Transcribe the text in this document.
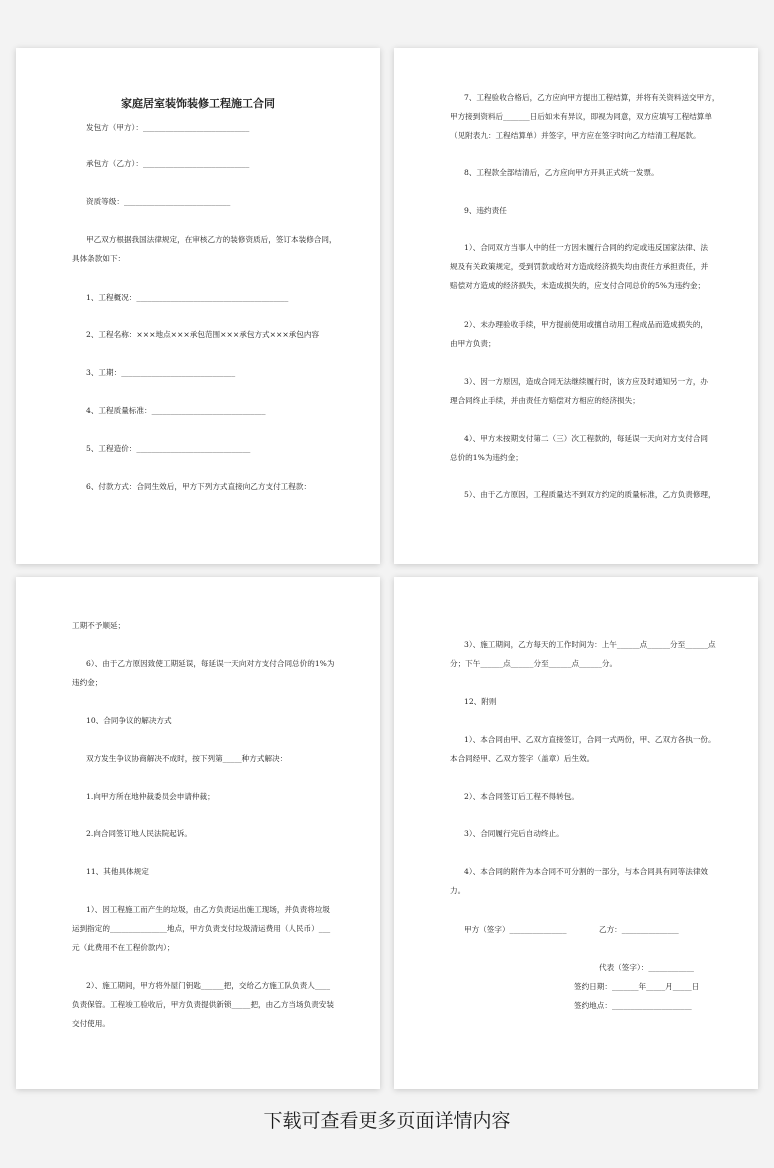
家庭居室装饰装修工程施工合同

发包方（甲方）：____________________________

承包方（乙方）：____________________________

资质等级：____________________________

甲乙双方根据我国法律规定，在审核乙方的装修资质后，签订本装修合同，

具体条款如下：

1、工程概况：________________________________________

2、工程名称：×××地点×××承包范围×××承包方式×××承包内容

3、工期：______________________________

4、工程质量标准：______________________________

5、工程造价：______________________________

6、付款方式：合同生效后，甲方下列方式直接向乙方支付工程款：

7、工程验收合格后，乙方应向甲方提出工程结算，并将有关资料送交甲方，

甲方接到资料后_______日后如未有异议，即视为同意，双方应填写工程结算单

（见附表九：工程结算单）并签字，甲方应在签字时向乙方结清工程尾款。

8、工程款全部结清后，乙方应向甲方开具正式统一发票。

9、违约责任

1）、合同双方当事人中的任一方因未履行合同的约定或违反国家法律、法

规及有关政策规定，受到罚款或给对方造成经济损失均由责任方承担责任，并

赔偿对方造成的经济损失，未造成损失的，应支付合同总价的5%为违约金；

2）、未办理验收手续，甲方提前使用或擅自动用工程成品而造成损失的，

由甲方负责；

3）、因一方原因，造成合同无法继续履行时，该方应及时通知另一方，办

理合同终止手续，并由责任方赔偿对方相应的经济损失；

4）、甲方未按期支付第二（三）次工程款的，每延误一天向对方支付合同

总价的1%为违约金；

5）、由于乙方原因，工程质量达不到双方约定的质量标准，乙方负责修理，

工期不予顺延；

6）、由于乙方原因致使工期延误，每延误一天向对方支付合同总价的1%为

违约金；

10、合同争议的解决方式

双方发生争议协商解决不成时，按下列第_____种方式解决：

1.向甲方所在地仲裁委员会申请仲裁；

2.向合同签订地人民法院起诉。

11、其他具体规定

1）、因工程施工而产生的垃圾，由乙方负责运出施工现场，并负责将垃圾

运到指定的_______________地点，甲方负责支付垃圾清运费用（人民币）___

元（此费用不在工程价款内）；

2）、施工期间，甲方将外屋门钥匙______把，交给乙方施工队负责人____

负责保管。工程竣工验收后，甲方负责提供新锁_____把，由乙方当场负责安装

交付使用。

3）、施工期间，乙方每天的工作时间为：上午______点______分至______点

分；下午______点______分至______点______分。

12、附则

1）、本合同由甲、乙双方直接签订，合同一式两份，甲、乙双方各执一份。

本合同经甲、乙双方签字（盖章）后生效。

2）、本合同签订后工程不得转包。

3）、合同履行完后自动终止。

4）、本合同的附件为本合同不可分割的一部分，与本合同具有同等法律效

力。

甲方（签字）_______________	乙方：_______________

代表（签字）：____________

签约日期：_______年_____月_____日

签约地点：_____________________

下载可查看更多页面详情内容
